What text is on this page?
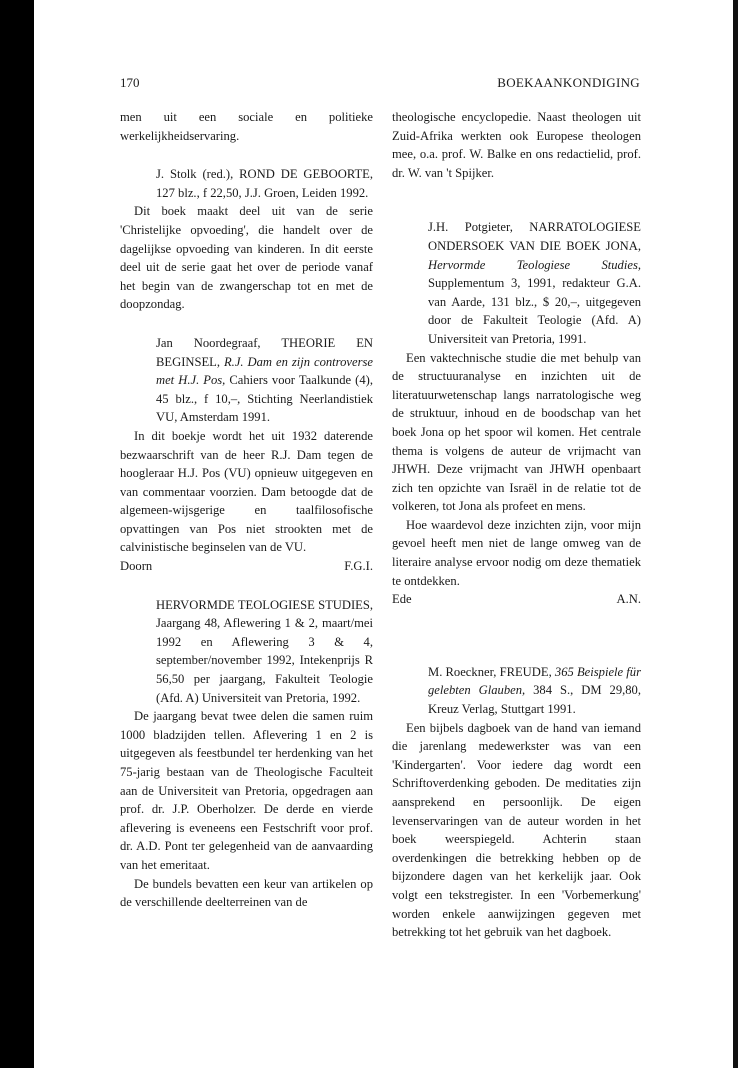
170	BOEKAANKONDIGING

men uit een sociale en politieke werkelijkheidservaring.

J. Stolk (red.), ROND DE GEBOORTE, 127 blz., f 22,50, J.J. Groen, Leiden 1992.

Dit boek maakt deel uit van de serie 'Christelijke opvoeding', die handelt over de dagelijkse opvoeding van kinderen. In dit eerste deel uit de serie gaat het over de periode vanaf het begin van de zwangerschap tot en met de doopzondag.

Jan Noordegraaf, THEORIE EN BEGINSEL, R.J. Dam en zijn controverse met H.J. Pos, Cahiers voor Taalkunde (4), 45 blz., f 10,–, Stichting Neerlandistiek VU, Amsterdam 1991.

In dit boekje wordt het uit 1932 daterende bezwaarschrift van de heer R.J. Dam tegen de hoogleraar H.J. Pos (VU) opnieuw uitgegeven en van commentaar voorzien. Dam betoogde dat de algemeen-wijsgerige en taalfilosofische opvattingen van Pos niet strookten met de calvinistische beginselen van de VU.

Doorn	F.G.I.

HERVORMDE TEOLOGIESE STUDIES, Jaargang 48, Aflewering 1 & 2, maart/mei 1992 en Aflewering 3 & 4, september/november 1992, Intekenprijs R 56,50 per jaargang, Fakulteit Teologie (Afd. A) Universiteit van Pretoria, 1992.

De jaargang bevat twee delen die samen ruim 1000 bladzijden tellen. Aflevering 1 en 2 is uitgegeven als feestbundel ter herdenking van het 75-jarig bestaan van de Theologische Faculteit aan de Universiteit van Pretoria, opgedragen aan prof. dr. J.P. Oberholzer. De derde en vierde aflevering is eveneens een Festschrift voor prof. dr. A.D. Pont ter gelegenheid van de aanvaarding van het emeritaat.

De bundels bevatten een keur van artikelen op de verschillende deelterreinen van de

theologische encyclopedie. Naast theologen uit Zuid-Afrika werkten ook Europese theologen mee, o.a. prof. W. Balke en ons redactielid, prof. dr. W. van 't Spijker.

J.H. Potgieter, NARRATOLOGIESE ONDERSOEK VAN DIE BOEK JONA, Hervormde Teologiese Studies, Supplementum 3, 1991, redakteur G.A. van Aarde, 131 blz., $ 20,–, uitgegeven door de Fakulteit Teologie (Afd. A) Universiteit van Pretoria, 1991.

Een vaktechnische studie die met behulp van de structuuranalyse en inzichten uit de literatuurwetenschap langs narratologische weg de struktuur, inhoud en de boodschap van het boek Jona op het spoor wil komen. Het centrale thema is volgens de auteur de vrijmacht van JHWH. Deze vrijmacht van JHWH openbaart zich ten opzichte van Israël in de relatie tot de volkeren, tot Jona als profeet en mens.

Hoe waardevol deze inzichten zijn, voor mijn gevoel heeft men niet de lange omweg van de literaire analyse ervoor nodig om deze thematiek te ontdekken.

Ede	A.N.

M. Roeckner, FREUDE, 365 Beispiele für gelebten Glauben, 384 S., DM 29,80, Kreuz Verlag, Stuttgart 1991.

Een bijbels dagboek van de hand van iemand die jarenlang medewerkster was van een 'Kindergarten'. Voor iedere dag wordt een Schriftoverdenking geboden. De meditaties zijn aansprekend en persoonlijk. De eigen levenservaringen van de auteur worden in het boek weerspiegeld. Achterin staan overdenkingen die betrekking hebben op de bijzondere dagen van het kerkelijk jaar. Ook volgt een tekstregister. In een 'Vorbemerkung' worden enkele aanwijzingen gegeven met betrekking tot het gebruik van het dagboek.
